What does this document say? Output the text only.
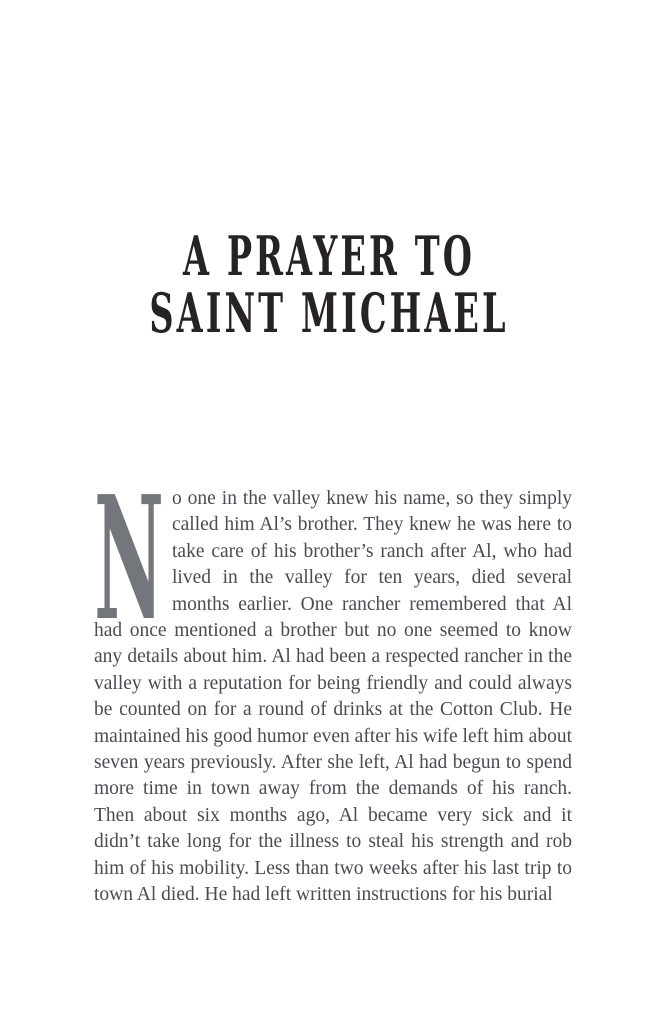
A PRAYER TO
SAINT MICHAEL

N o one in the valley knew his name, so they simply called him Al’s brother. They knew he was here to take care of his brother’s ranch after Al, who had lived in the valley for ten years, died several months earlier. One rancher remembered that Al had once mentioned a brother but no one seemed to know any details about him. Al had been a respected rancher in the valley with a reputation for being friendly and could always be counted on for a round of drinks at the Cotton Club. He maintained his good humor even after his wife left him about seven years previously. After she left, Al had begun to spend more time in town away from the demands of his ranch. Then about six months ago, Al became very sick and it didn’t take long for the illness to steal his strength and rob him of his mobility. Less than two weeks after his last trip to town Al died. He had left written instructions for his burial
